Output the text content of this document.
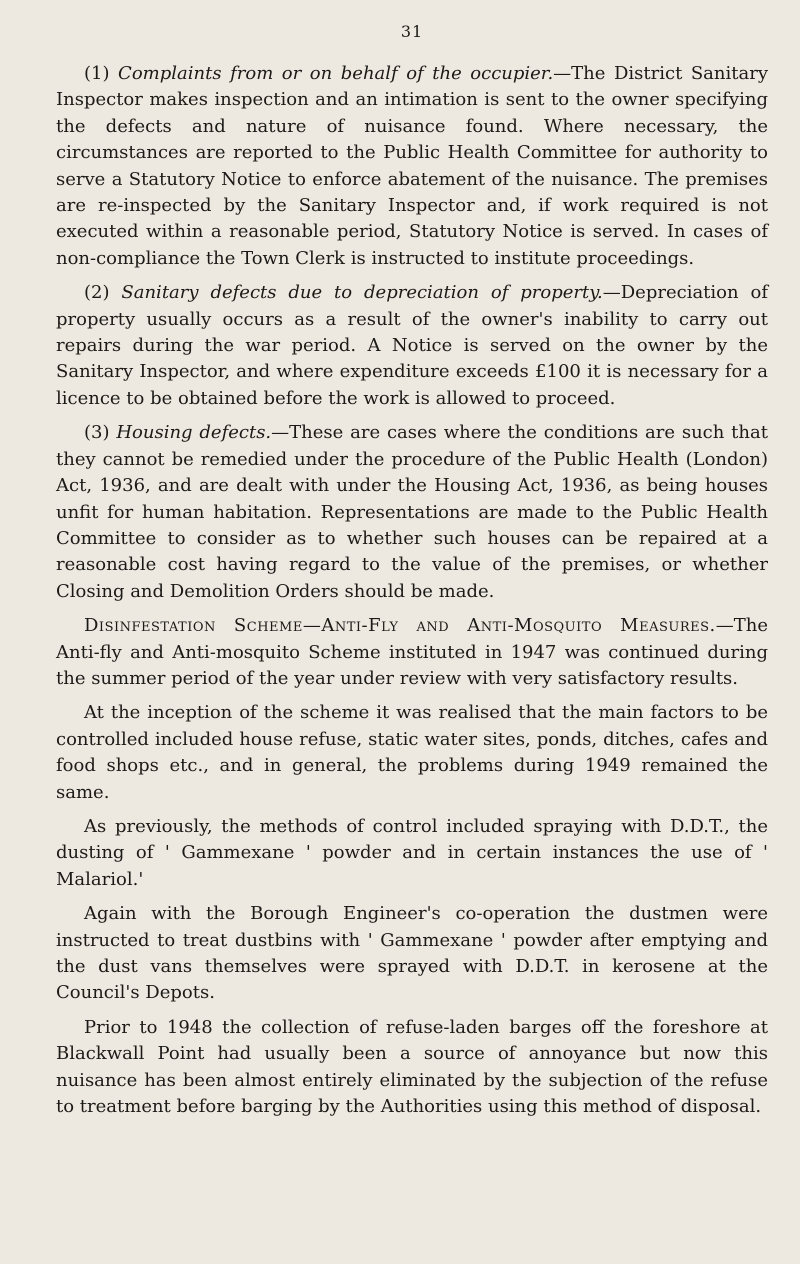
31

(1) Complaints from or on behalf of the occupier.—The District Sanitary Inspector makes inspection and an intimation is sent to the owner specifying the defects and nature of nuisance found. Where necessary, the circumstances are reported to the Public Health Committee for authority to serve a Statutory Notice to enforce abatement of the nuisance. The premises are re-inspected by the Sanitary Inspector and, if work required is not executed within a reasonable period, Statutory Notice is served. In cases of non-compliance the Town Clerk is instructed to institute proceedings.

(2) Sanitary defects due to depreciation of property.—Depreciation of property usually occurs as a result of the owner's inability to carry out repairs during the war period. A Notice is served on the owner by the Sanitary Inspector, and where expenditure exceeds £100 it is necessary for a licence to be obtained before the work is allowed to proceed.

(3) Housing defects.—These are cases where the conditions are such that they cannot be remedied under the procedure of the Public Health (London) Act, 1936, and are dealt with under the Housing Act, 1936, as being houses unfit for human habitation. Representations are made to the Public Health Committee to consider as to whether such houses can be repaired at a reasonable cost having regard to the value of the premises, or whether Closing and Demolition Orders should be made.

Disinfestation Scheme—Anti-Fly and Anti-Mosquito Measures.—The Anti-fly and Anti-mosquito Scheme instituted in 1947 was continued during the summer period of the year under review with very satisfactory results.

At the inception of the scheme it was realised that the main factors to be controlled included house refuse, static water sites, ponds, ditches, cafes and food shops etc., and in general, the problems during 1949 remained the same.

As previously, the methods of control included spraying with D.D.T., the dusting of ' Gammexane ' powder and in certain instances the use of ' Malariol.'

Again with the Borough Engineer's co-operation the dustmen were instructed to treat dustbins with ' Gammexane ' powder after emptying and the dust vans themselves were sprayed with D.D.T. in kerosene at the Council's Depots.

Prior to 1948 the collection of refuse-laden barges off the foreshore at Blackwall Point had usually been a source of annoyance but now this nuisance has been almost entirely eliminated by the subjection of the refuse to treatment before barging by the Authorities using this method of disposal.
